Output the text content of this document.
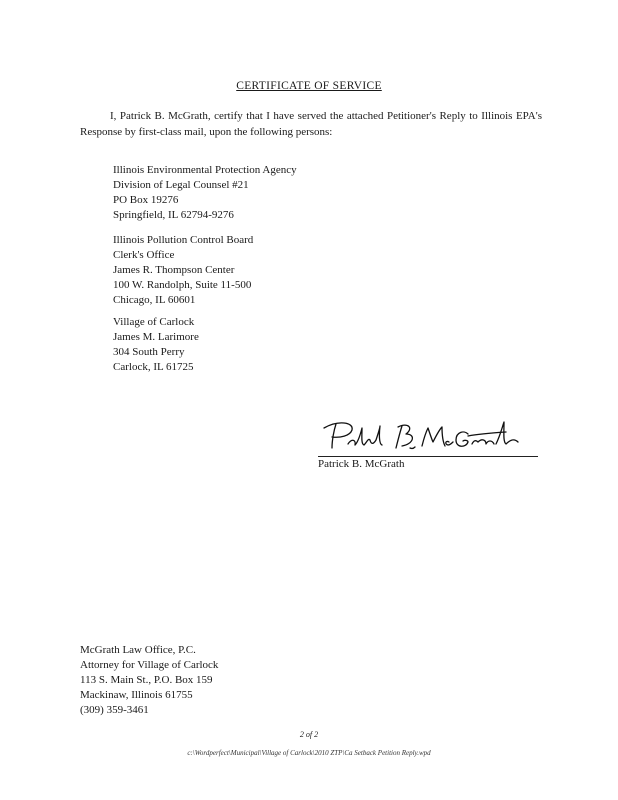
CERTIFICATE OF SERVICE
I, Patrick B. McGrath, certify that I have served the attached Petitioner's Reply to Illinois EPA's Response by first-class mail, upon the following persons:
Illinois Environmental Protection Agency
Division of Legal Counsel #21
PO Box 19276
Springfield, IL 62794-9276
Illinois Pollution Control Board
Clerk's Office
James R. Thompson Center
100 W. Randolph, Suite 11-500
Chicago, IL 60601
Village of Carlock
James M. Larimore
304 South Perry
Carlock, IL 61725
Patrick B. McGrath
McGrath Law Office, P.C.
Attorney for Village of Carlock
113 S. Main St., P.O. Box 159
Mackinaw, Illinois 61755
(309) 359-3461
2 of 2
c:\Wordperfect\Municipal\Village of Carlock\2010 ZTP\Ca Setback Petition Reply.wpd
